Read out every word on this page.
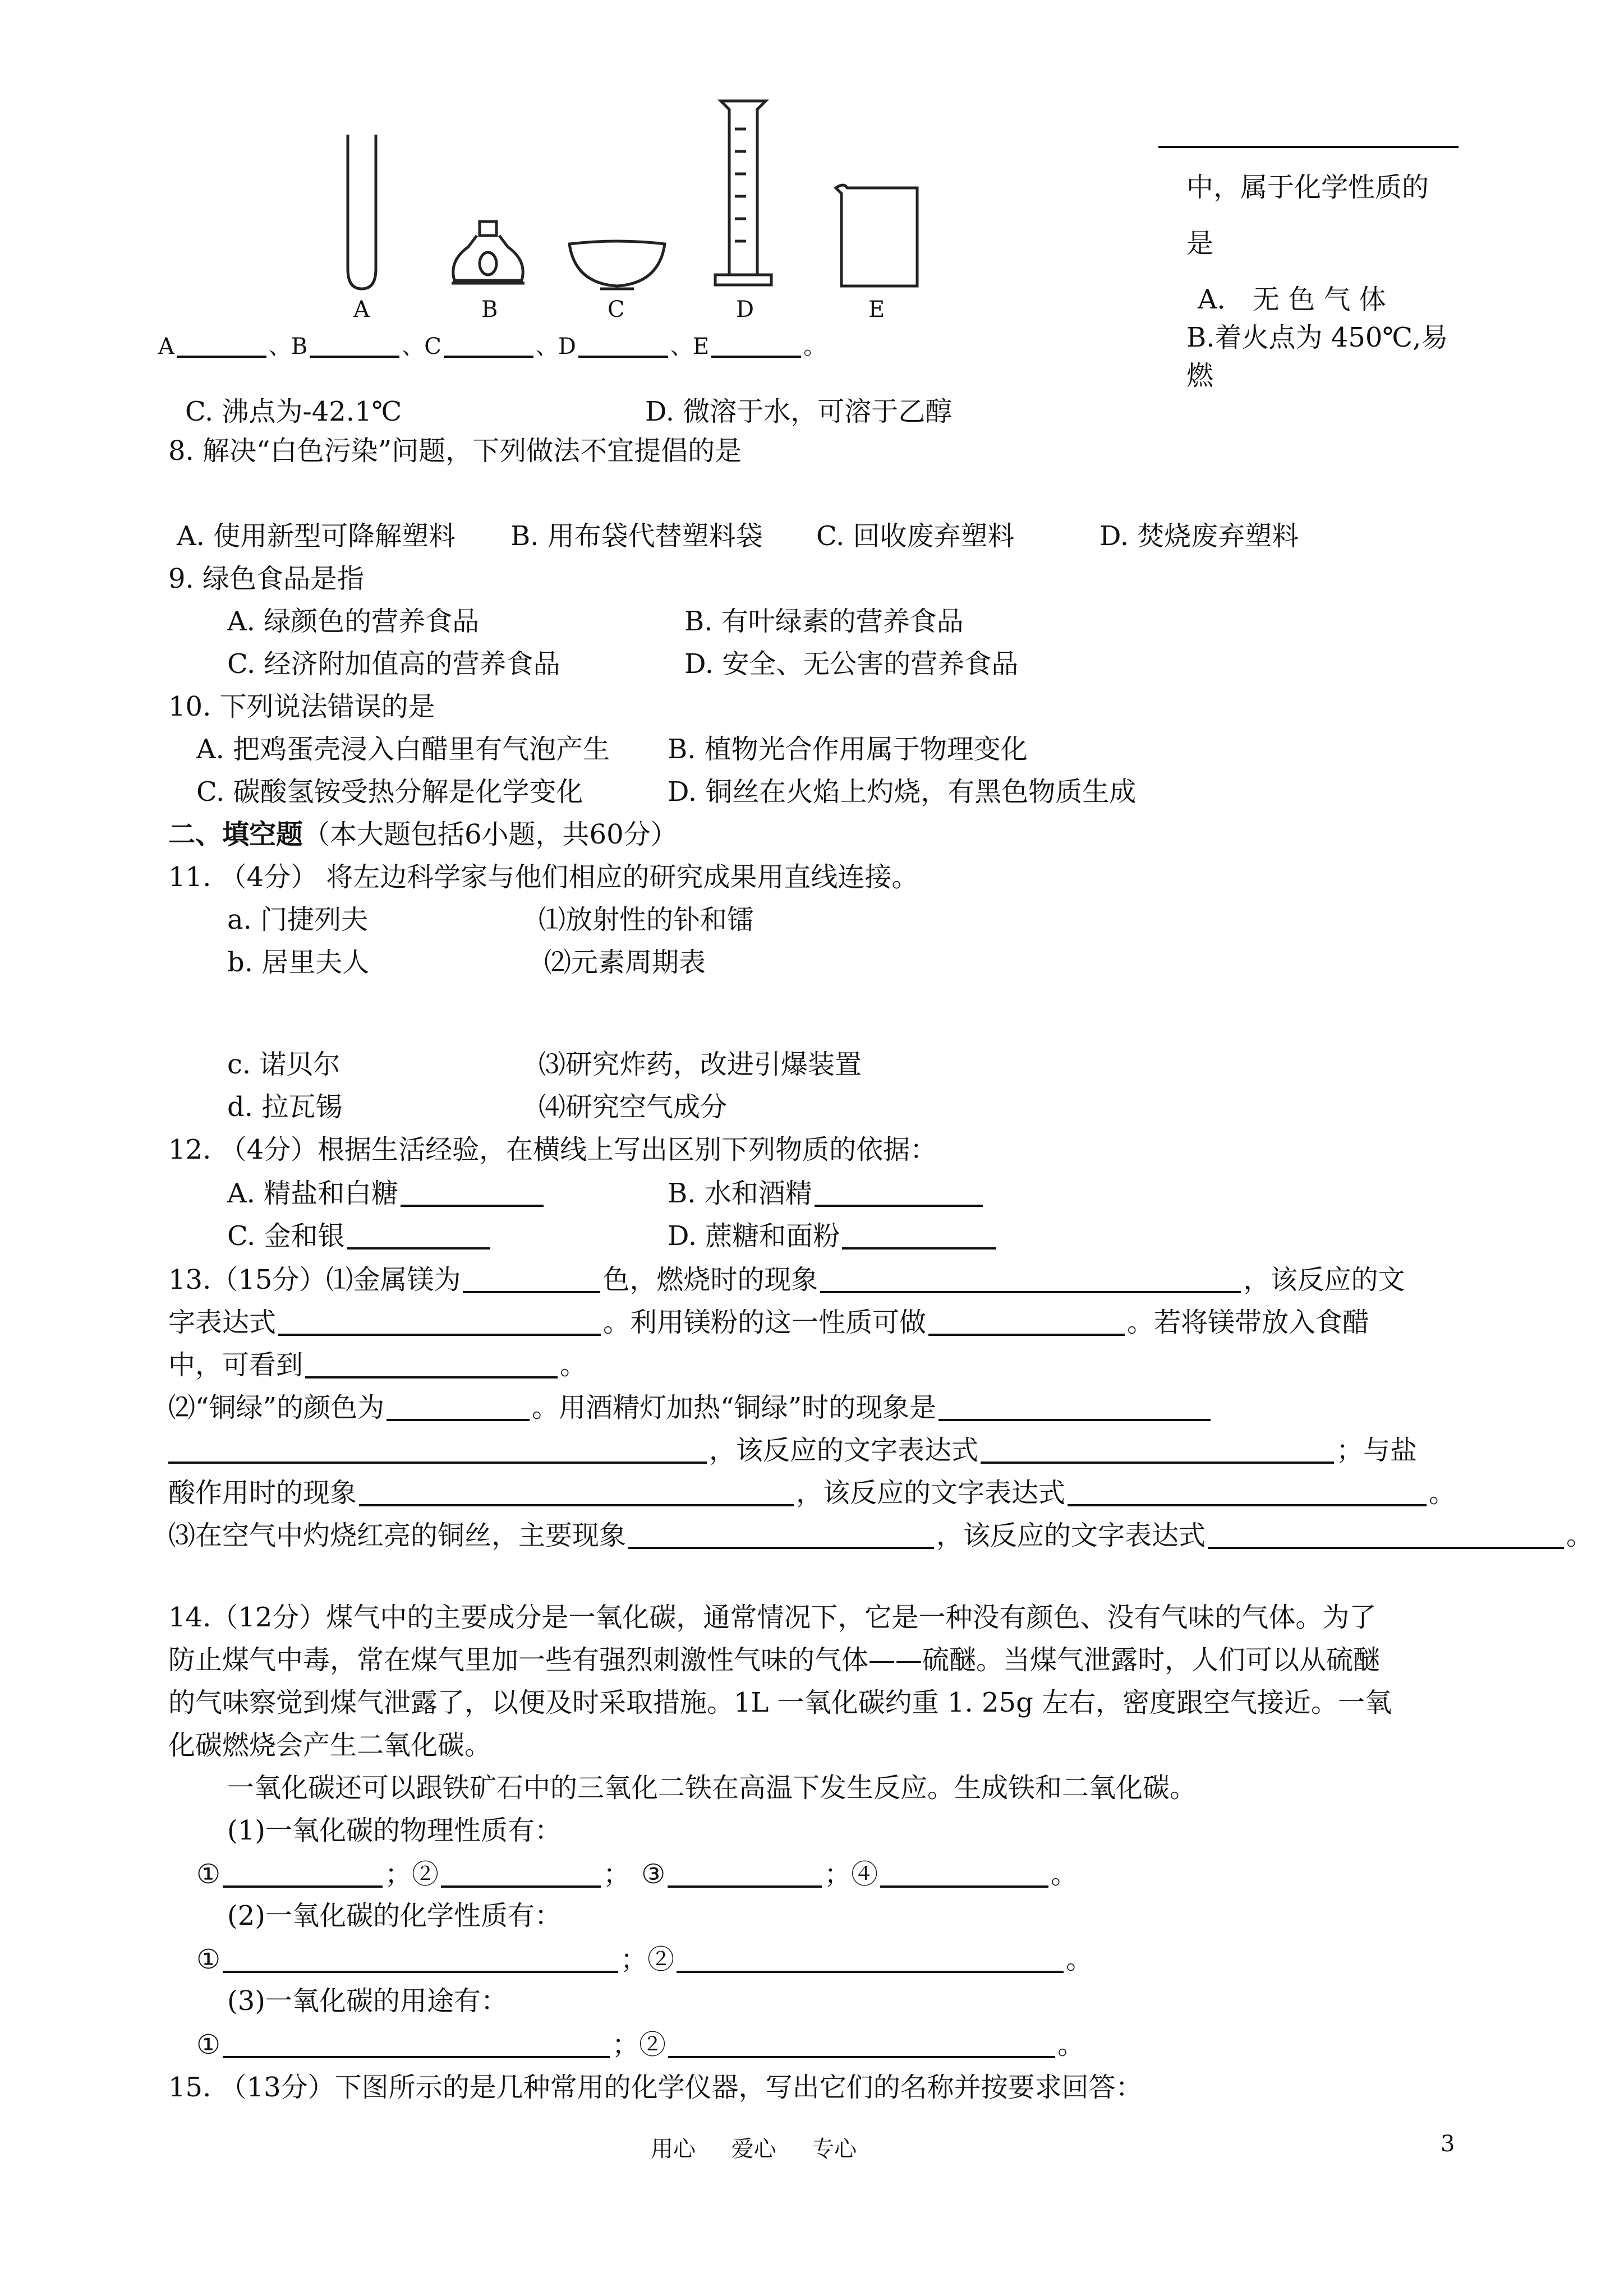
A	B	C	D	E
A	、B	、C	、D	、E	。
中，属于化学性质的
是
A． 无 色 气 体
B.着火点为 450℃,易
燃
C. 沸点为-42.1℃	D. 微溶于水，可溶于乙醇
8. 解决“白色污染”问题，下列做法不宜提倡的是
A. 使用新型可降解塑料 B. 用布袋代替塑料袋 C. 回收废弃塑料	D. 焚烧废弃塑料
9. 绿色食品是指
A. 绿颜色的营养食品	B. 有叶绿素的营养食品
C. 经济附加值高的营养食品	D. 安全、无公害的营养食品
10. 下列说法错误的是
A. 把鸡蛋壳浸入白醋里有气泡产生 B. 植物光合作用属于物理变化
C. 碳酸氢铵受热分解是化学变化	D. 铜丝在火焰上灼烧，有黑色物质生成
二、填空题（本大题包括6小题，共60分）
11. （4分） 将左边科学家与他们相应的研究成果用直线连接。
a. 门捷列夫	⑴放射性的钋和镭
b. 居里夫人	⑵元素周期表
c. 诺贝尔	⑶研究炸药，改进引爆装置
d. 拉瓦锡	⑷研究空气成分
12. （4分）根据生活经验，在横线上写出区别下列物质的依据：
A. 精盐和白糖	B. 水和酒精
C. 金和银	D. 蔗糖和面粉
13.（15分）⑴金属镁为	色，燃烧时的现象	，该反应的文
字表达式	。利用镁粉的这一性质可做	。若将镁带放入食醋
中，可看到	。
⑵“铜绿”的颜色为	。用酒精灯加热“铜绿”时的现象是
，该反应的文字表达式	；与盐
酸作用时的现象	，该反应的文字表达式	。
⑶在空气中灼烧红亮的铜丝，主要现象	，该反应的文字表达式	。
14.（12分）煤气中的主要成分是一氧化碳，通常情况下，它是一种没有颜色、没有气味的气体。为了
防止煤气中毒，常在煤气里加一些有强烈刺激性气味的气体——硫醚。当煤气泄露时，人们可以从硫醚
的气味察觉到煤气泄露了，以便及时采取措施。1L 一氧化碳约重 1. 25g 左右，密度跟空气接近。一氧
化碳燃烧会产生二氧化碳。
一氧化碳还可以跟铁矿石中的三氧化二铁在高温下发生反应。生成铁和二氧化碳。
(1)一氧化碳的物理性质有：
①	；②	； ③	；④	。
(2)一氧化碳的化学性质有：
①	；②	。
(3)一氧化碳的用途有：
①	；②	。
15. （13分）下图所示的是几种常用的化学仪器，写出它们的名称并按要求回答：
用心     爱心     专心	3
